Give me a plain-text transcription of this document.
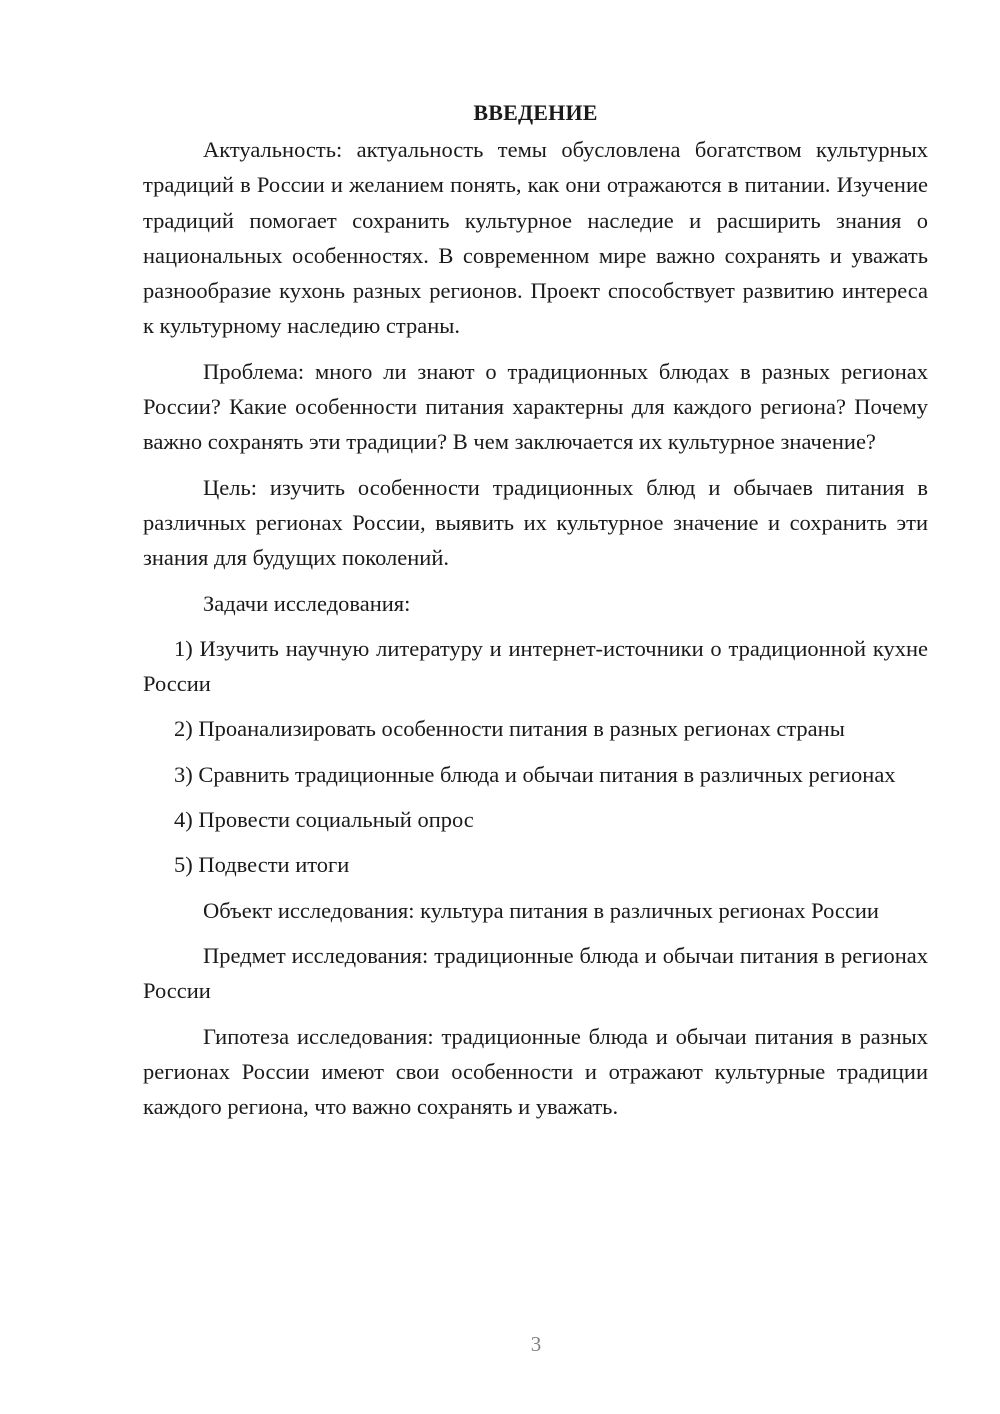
ВВЕДЕНИЕ

Актуальность: актуальность темы обусловлена богатством культурных традиций в России и желанием понять, как они отражаются в питании. Изучение традиций помогает сохранить культурное наследие и расширить знания о национальных особенностях. В современном мире важно сохранять и уважать разнообразие кухонь разных регионов. Проект способствует развитию интереса к культурному наследию страны.

Проблема: много ли знают о традиционных блюдах в разных регионах России? Какие особенности питания характерны для каждого региона? Почему важно сохранять эти традиции? В чем заключается их культурное значение?

Цель: изучить особенности традиционных блюд и обычаев питания в различных регионах России, выявить их культурное значение и сохранить эти знания для будущих поколений.

Задачи исследования:

1) Изучить научную литературу и интернет-источники о традиционной кухне России

2) Проанализировать особенности питания в разных регионах страны

3) Сравнить традиционные блюда и обычаи питания в различных регионах

4) Провести социальный опрос

5) Подвести итоги

Объект исследования: культура питания в различных регионах России

Предмет исследования: традиционные блюда и обычаи питания в регионах России

Гипотеза исследования: традиционные блюда и обычаи питания в разных регионах России имеют свои особенности и отражают культурные традиции каждого региона, что важно сохранять и уважать.

3
